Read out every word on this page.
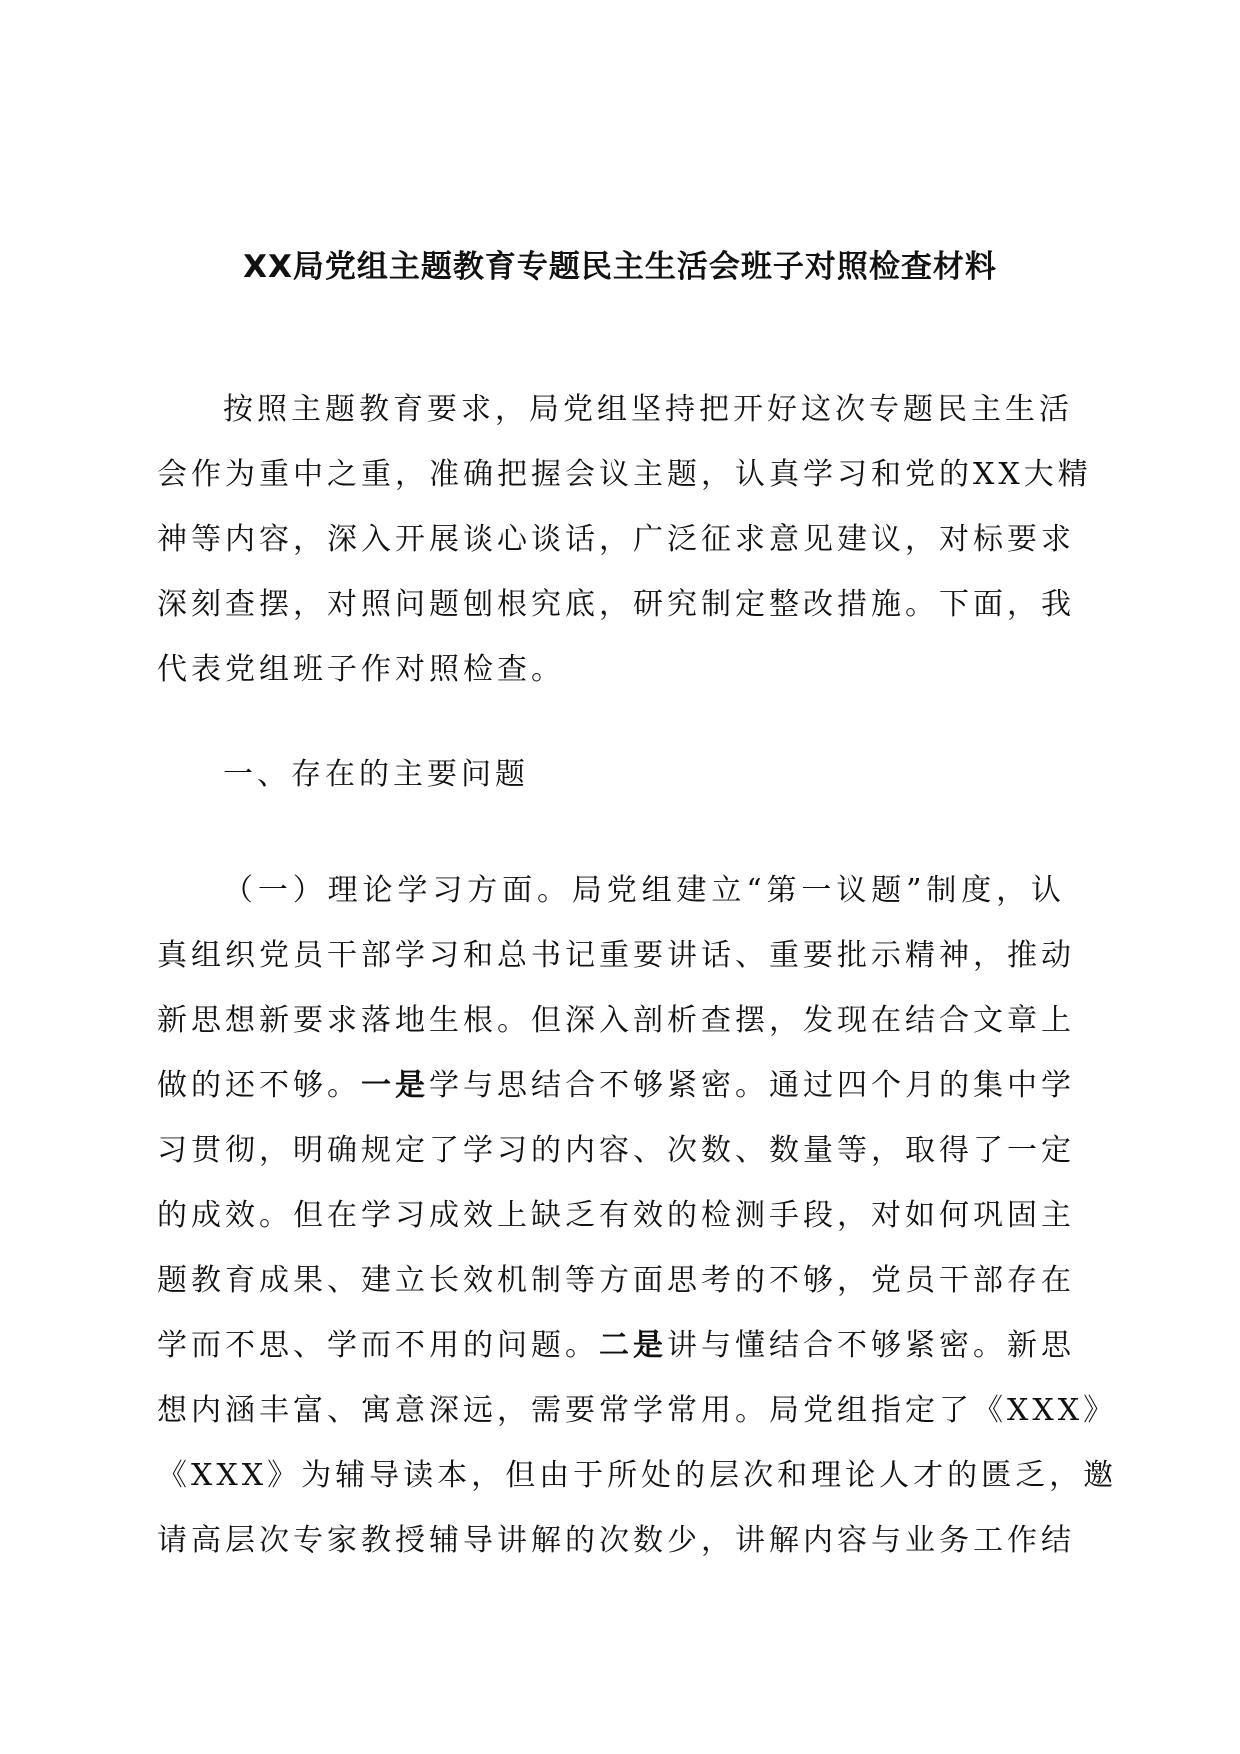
XX局党组主题教育专题民主生活会班子对照检查材料
按照主题教育要求，局党组坚持把开好这次专题民主生活
会作为重中之重，准确把握会议主题，认真学习和党的XX大精
神等内容，深入开展谈心谈话，广泛征求意见建议，对标要求
深刻查摆，对照问题刨根究底，研究制定整改措施。下面，我
代表党组班子作对照检查。
一、存在的主要问题
（一）理论学习方面。局党组建立“第一议题”制度，认
真组织党员干部学习和总书记重要讲话、重要批示精神，推动
新思想新要求落地生根。但深入剖析查摆，发现在结合文章上
做的还不够。一是学与思结合不够紧密。通过四个月的集中学
习贯彻，明确规定了学习的内容、次数、数量等，取得了一定
的成效。但在学习成效上缺乏有效的检测手段，对如何巩固主
题教育成果、建立长效机制等方面思考的不够，党员干部存在
学而不思、学而不用的问题。二是讲与懂结合不够紧密。新思
想内涵丰富、寓意深远，需要常学常用。局党组指定了《XXX》
《XXX》为辅导读本，但由于所处的层次和理论人才的匮乏，邀
请高层次专家教授辅导讲解的次数少，讲解内容与业务工作结
